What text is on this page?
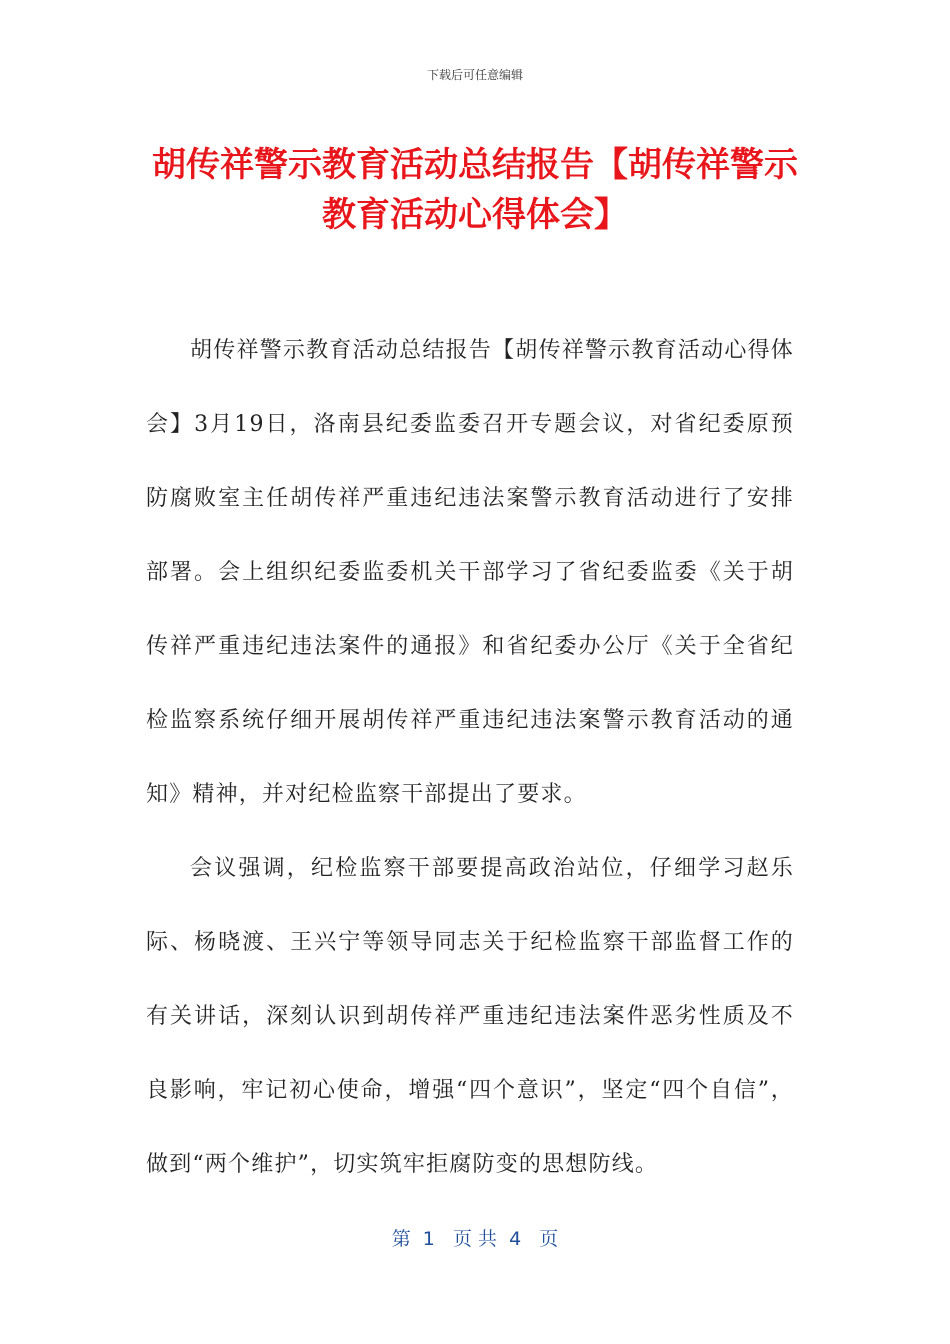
下载后可任意编辑
胡传祥警示教育活动总结报告【胡传祥警示教育活动心得体会】

胡传祥警示教育活动总结报告【胡传祥警示教育活动心得体会】3月19日，洛南县纪委监委召开专题会议，对省纪委原预防腐败室主任胡传祥严重违纪违法案警示教育活动进行了安排部署。会上组织纪委监委机关干部学习了省纪委监委《关于胡传祥严重违纪违法案件的通报》和省纪委办公厅《关于全省纪检监察系统仔细开展胡传祥严重违纪违法案警示教育活动的通知》精神，并对纪检监察干部提出了要求。

会议强调，纪检监察干部要提高政治站位，仔细学习赵乐际、杨晓渡、王兴宁等领导同志关于纪检监察干部监督工作的有关讲话，深刻认识到胡传祥严重违纪违法案件恶劣性质及不良影响，牢记初心使命，增强“四个意识”，坚定“四个自信”，做到“两个维护”，切实筑牢拒腐防变的思想防线。

第  1   页 共  4   页
